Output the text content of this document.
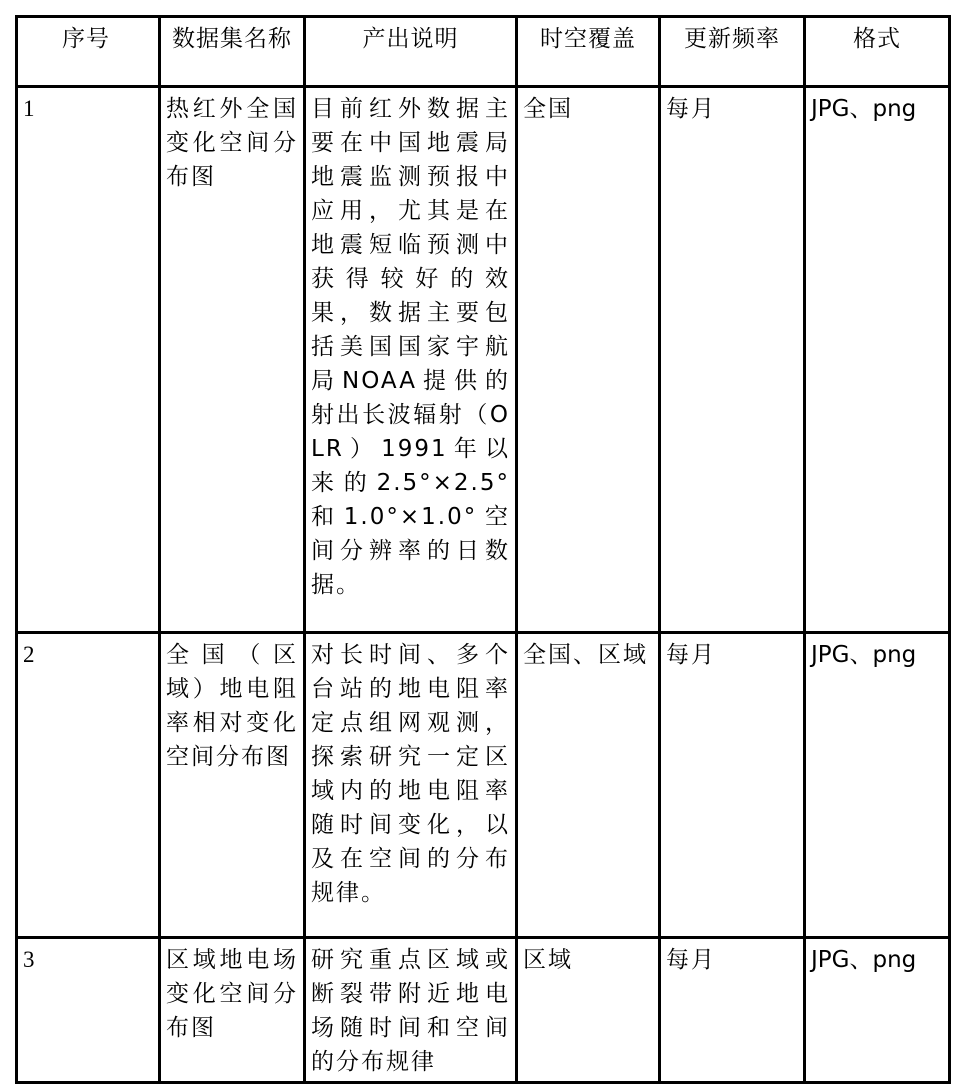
序号	数据集名称	产出说明	时空覆盖	更新频率	格式
1	热红外全国变化空间分布图	目前红外数据主要在中国地震局地震监测预报中应用，尤其是在地震短临预测中获得较好的效果，数据主要包括美国国家宇航局NOAA提供的射出长波辐射（OLR）1991年以来的2.5°×2.5°和1.0°×1.0°空间分辨率的日数据。	全国	每月	JPG、png
2	全国（区域）地电阻率相对变化空间分布图	对长时间、多个台站的地电阻率定点组网观测，探索研究一定区域内的地电阻率随时间变化，以及在空间的分布规律。	全国、区域	每月	JPG、png
3	区域地电场变化空间分布图	研究重点区域或断裂带附近地电场随时间和空间的分布规律	区域	每月	JPG、png
